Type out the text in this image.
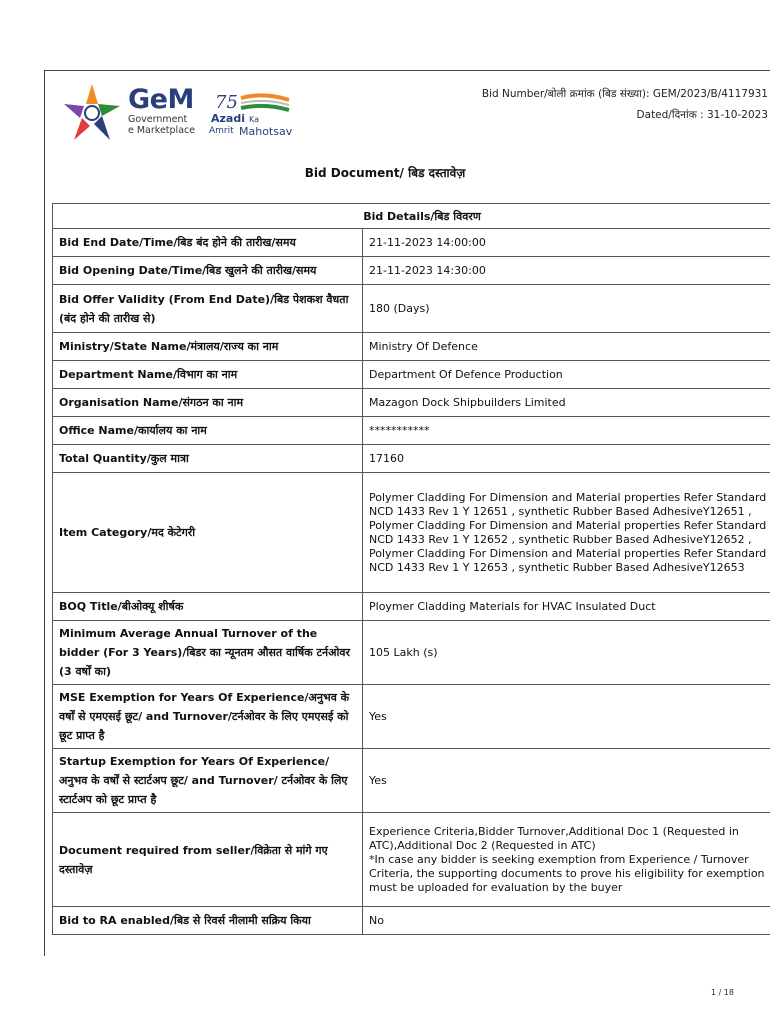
GeM
Government
e Marketplace
75
Azadi Ka
Amrit Mahotsav
Bid Number/बोली क्रमांक (बिड संख्या): GEM/2023/B/4117931
Dated/दिनांक : 31-10-2023
Bid Document/ बिड दस्तावेज़
Bid Details/बिड विवरण	
Bid End Date/Time/बिड बंद होने की तारीख/समय	21-11-2023 14:00:00
Bid Opening Date/Time/बिड खुलने की तारीख/समय	21-11-2023 14:30:00
Bid Offer Validity (From End Date)/बिड पेशकश वैधता (बंद होने की तारीख से)	180 (Days)
Ministry/State Name/मंत्रालय/राज्य का नाम	Ministry Of Defence
Department Name/विभाग का नाम	Department Of Defence Production
Organisation Name/संगठन का नाम	Mazagon Dock Shipbuilders Limited
Office Name/कार्यालय का नाम	***********
Total Quantity/कुल मात्रा	17160
Item Category/मद केटेगरी	Polymer Cladding For Dimension and Material properties Refer Standard NCD 1433 Rev 1 Y 12651 , synthetic Rubber Based AdhesiveY12651 , Polymer Cladding For Dimension and Material properties Refer Standard NCD 1433 Rev 1 Y 12652 , synthetic Rubber Based AdhesiveY12652 , Polymer Cladding For Dimension and Material properties Refer Standard NCD 1433 Rev 1 Y 12653 , synthetic Rubber Based AdhesiveY12653
BOQ Title/बीओक्यू शीर्षक	Ploymer Cladding Materials for HVAC Insulated Duct
Minimum Average Annual Turnover of the bidder (For 3 Years)/बिडर का न्यूनतम औसत वार्षिक टर्नओवर (3 वर्षों का)	105 Lakh (s)
MSE Exemption for Years Of Experience/अनुभव के वर्षों से एमएसई छूट/ and Turnover/टर्नओवर के लिए एमएसई को छूट प्राप्त है	Yes
Startup Exemption for Years Of Experience/अनुभव के वर्षों से स्टार्टअप छूट/ and Turnover/ टर्नओवर के लिए स्टार्टअप को छूट प्राप्त है	Yes
Document required from seller/विक्रेता से मांगे गए दस्तावेज़	Experience Criteria,Bidder Turnover,Additional Doc 1 (Requested in ATC),Additional Doc 2 (Requested in ATC)
*In case any bidder is seeking exemption from Experience / Turnover Criteria, the supporting documents to prove his eligibility for exemption must be uploaded for evaluation by the buyer
Bid to RA enabled/बिड से रिवर्स नीलामी सक्रिय किया	No
1 / 18
